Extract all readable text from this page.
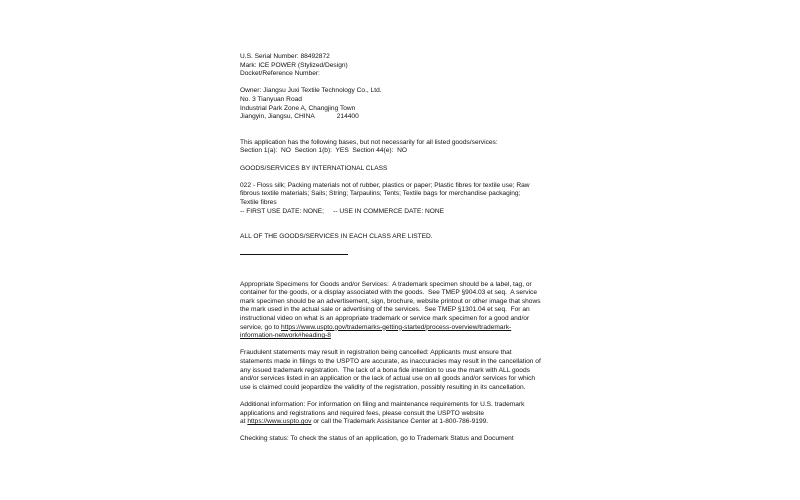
U.S. Serial Number: 88492872
Mark: ICE POWER (Stylized/Design)
Docket/Reference Number:
Owner: Jiangsu Juxi Textile Technology Co., Ltd.
No. 3 Tianyuan Road
Industrial Park Zone A, Changjing Town
Jiangyin, Jiangsu, CHINA	214400
This application has the following bases, but not necessarily for all listed goods/services:
Section 1(a):  NO  Section 1(b):  YES  Section 44(e):  NO
GOODS/SERVICES BY INTERNATIONAL CLASS
022 - Floss silk; Packing materials not of rubber, plastics or paper; Plastic fibres for textile use; Raw
fibrous textile materials; Sails; String; Tarpaulins; Tents; Textile bags for merchandise packaging;
Textile fibres
-- FIRST USE DATE: NONE;     -- USE IN COMMERCE DATE: NONE
ALL OF THE GOODS/SERVICES IN EACH CLASS ARE LISTED.
Appropriate Specimens for Goods and/or Services:  A trademark specimen should be a label, tag, or
container for the goods, or a display associated with the goods.  See TMEP §904.03 et seq.  A service
mark specimen should be an advertisement, sign, brochure, website printout or other image that shows
the mark used in the actual sale or advertising of the services.  See TMEP §1301.04 et seq.  For an
instructional video on what is an appropriate trademark or service mark specimen for a good and/or
service, go to https://www.uspto.gov/trademarks-getting-started/process-overview/trademark-
information-network#heading-8
Fraudulent statements may result in registration being cancelled: Applicants must ensure that
statements made in filings to the USPTO are accurate, as inaccuracies may result in the cancellation of
any issued trademark registration.  The lack of a bona fide intention to use the mark with ALL goods
and/or services listed in an application or the lack of actual use on all goods and/or services for which
use is claimed could jeopardize the validity of the registration, possibly resulting in its cancellation.
Additional information: For information on filing and maintenance requirements for U.S. trademark
applications and registrations and required fees, please consult the USPTO website
at https://www.uspto.gov or call the Trademark Assistance Center at 1-800-786-9199.
Checking status: To check the status of an application, go to Trademark Status and Document
